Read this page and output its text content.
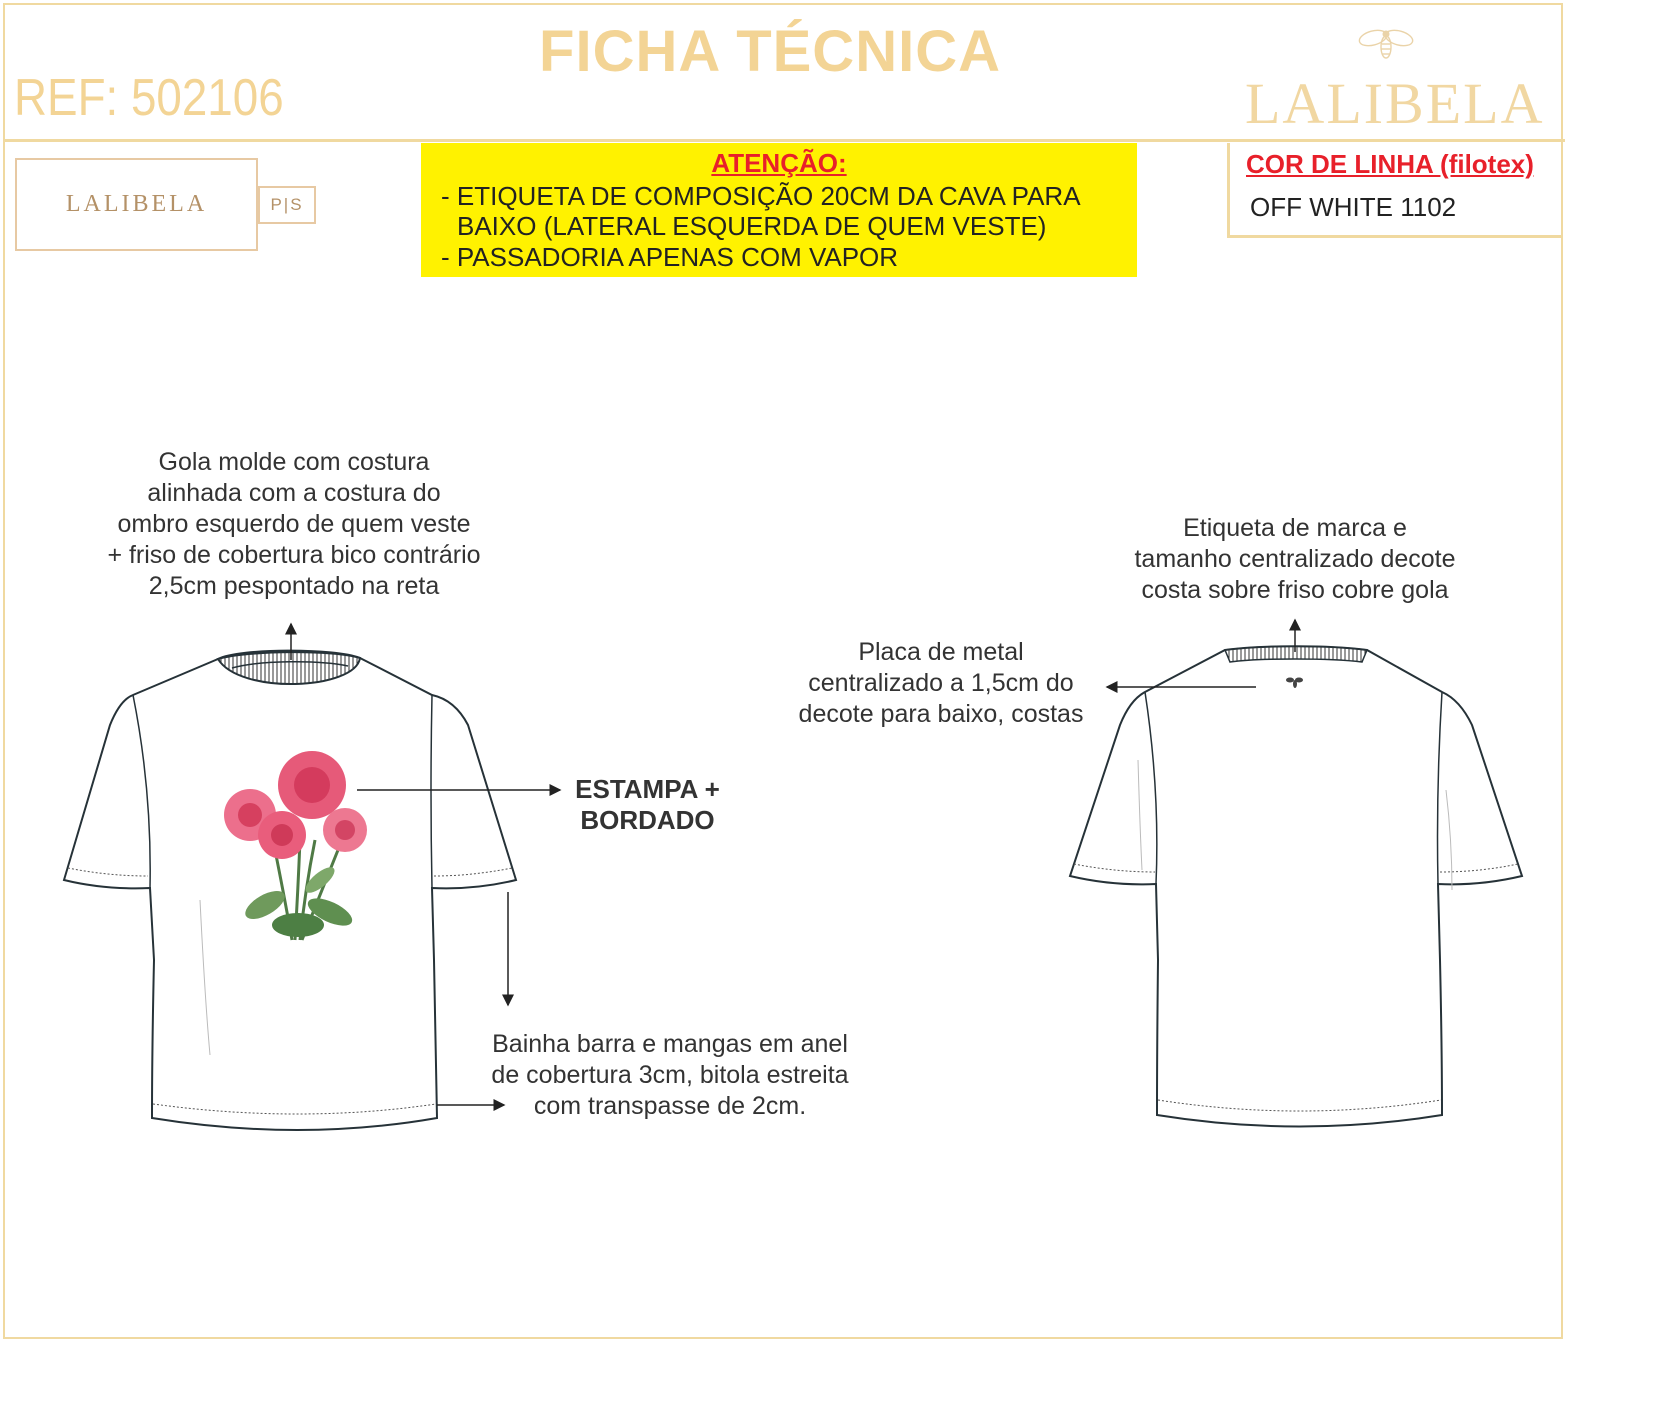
FICHA TÉCNICA
REF: 502106	LALIBELA
LALIBELA	P|S
ATENÇÃO:
- ETIQUETA DE COMPOSIÇÃO 20CM DA CAVA PARA
BAIXO (LATERAL ESQUERDA DE QUEM VESTE)
- PASSADORIA APENAS COM VAPOR
COR DE LINHA (filotex)
OFF WHITE 1102
Gola molde com costura
alinhada com a costura do
ombro esquerdo de quem veste
+ friso de cobertura bico contrário
2,5cm pespontado na reta
ESTAMPA +
BORDADO
Bainha barra e mangas em anel
de cobertura 3cm, bitola estreita
com transpasse de 2cm.
Etiqueta de marca e
tamanho centralizado decote
costa sobre friso cobre gola
Placa de metal
centralizado a 1,5cm do
decote para baixo, costas
